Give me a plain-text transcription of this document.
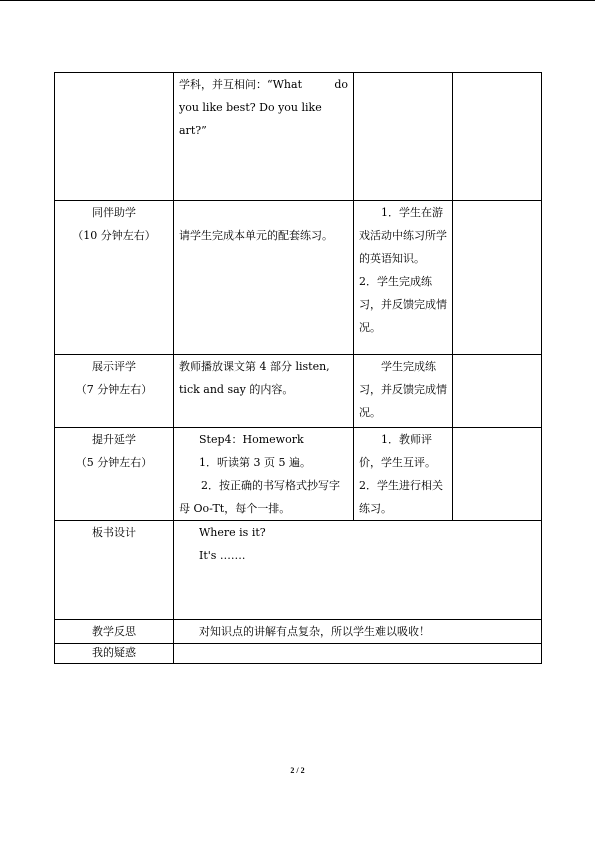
	学科，并互相问：“What do
you like best? Do you like art?”		

同伴助学
（10 分钟左右）	请学生完成本单元的配套练习。	1．学生在游戏活动中练习所学的英语知识。
2．学生完成练习，并反馈完成情况。	

展示评学
（7 分钟左右）	教师播放课文第 4 部分 listen, tick and say 的内容。	学生完成练习，并反馈完成情况。	

提升延学
（5 分钟左右）	Step4：Homework
1．听读第 3 页 5 遍。
2．按正确的书写格式抄写字母 Oo-Tt，每个一排。	1．教师评价，学生互评。
2．学生进行相关练习。	

板书设计	Where is it?
It's …….		

教学反思	对知识点的讲解有点复杂，所以学生难以吸收！		

我的疑惑			

2 / 2
